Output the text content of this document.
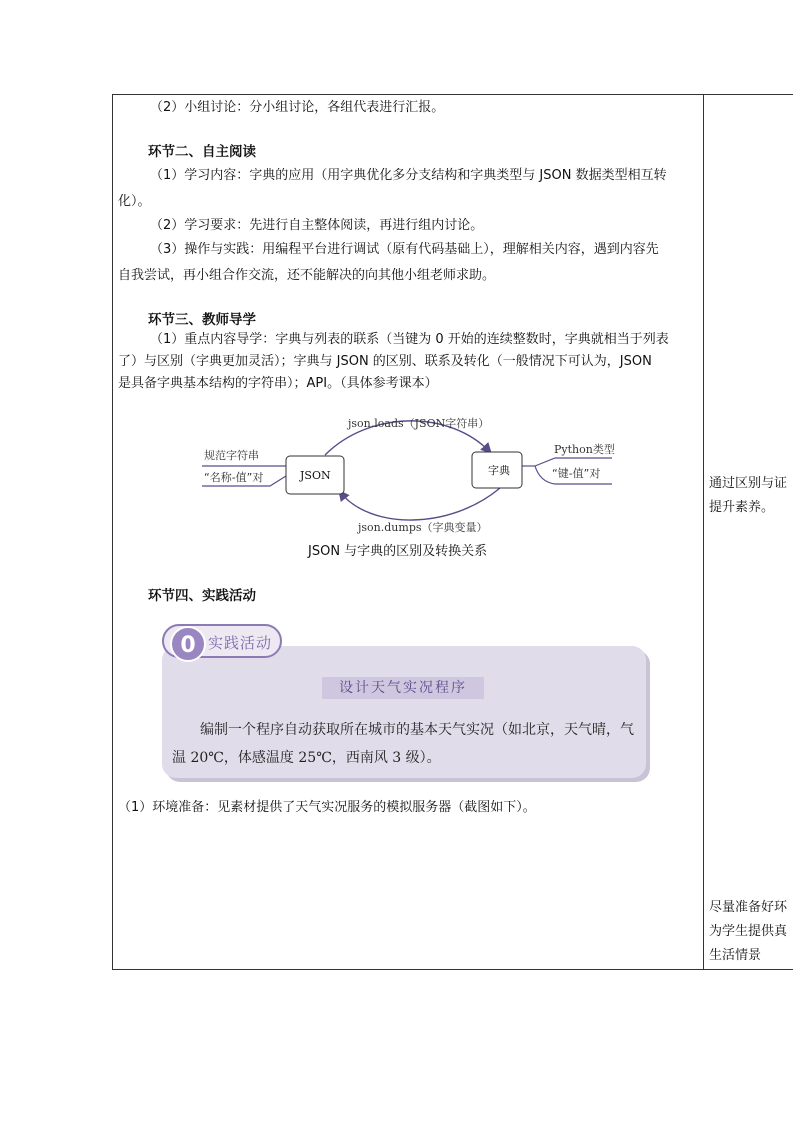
（2）小组讨论：分小组讨论，各组代表进行汇报。
环节二、自主阅读
（1）学习内容：字典的应用（用字典优化多分支结构和字典类型与 JSON 数据类型相互转
化）。
（2）学习要求：先进行自主整体阅读，再进行组内讨论。
（3）操作与实践：用编程平台进行调试（原有代码基础上），理解相关内容，遇到内容先
自我尝试，再小组合作交流，还不能解决的向其他小组老师求助。
环节三、教师导学
（1）重点内容导学：字典与列表的联系（当键为 0 开始的连续整数时，字典就相当于列表
了）与区别（字典更加灵活）；字典与 JSON 的区别、联系及转化（一般情况下可认为，JSON
是具备字典基本结构的字符串）；API。（具体参考课本）
json.loads（JSON字符串）
json.dumps（字典变量）
JSON	字典
规范字符串
“名称-值”对
Python类型
“键-值”对
JSON 与字典的区别及转换关系
环节四、实践活动
0 实践活动
设计天气实况程序
编制一个程序自动获取所在城市的基本天气实况（如北京，天气晴，气温 20℃，体感温度 25℃，西南风 3 级）。
（1）环境准备：见素材提供了天气实况服务的模拟服务器（截图如下）。
通过区别与证
提升素养。
尽量准备好环
为学生提供真
生活情景
